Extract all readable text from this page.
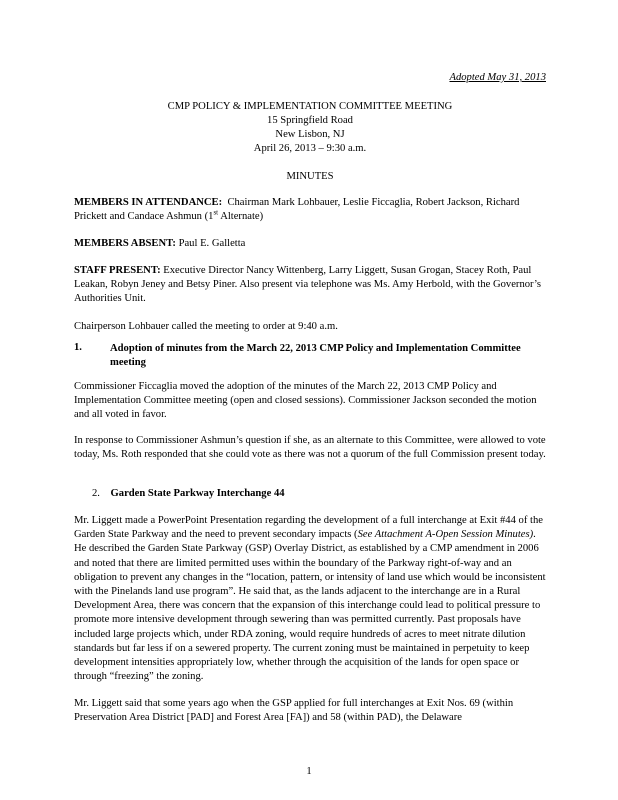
Adopted May 31, 2013
CMP POLICY & IMPLEMENTATION COMMITTEE MEETING
15 Springfield Road
New Lisbon, NJ
April 26, 2013 – 9:30 a.m.
MINUTES
MEMBERS IN ATTENDANCE: Chairman Mark Lohbauer, Leslie Ficcaglia, Robert Jackson, Richard Prickett and Candace Ashmun (1st Alternate)
MEMBERS ABSENT: Paul E. Galletta
STAFF PRESENT: Executive Director Nancy Wittenberg, Larry Liggett, Susan Grogan, Stacey Roth, Paul Leakan, Robyn Jeney and Betsy Piner. Also present via telephone was Ms. Amy Herbold, with the Governor’s Authorities Unit.
Chairperson Lohbauer called the meeting to order at 9:40 a.m.
1.	Adoption of minutes from the March 22, 2013 CMP Policy and Implementation Committee meeting
Commissioner Ficcaglia moved the adoption of the minutes of the March 22, 2013 CMP Policy and Implementation Committee meeting (open and closed sessions). Commissioner Jackson seconded the motion and all voted in favor.
In response to Commissioner Ashmun’s question if she, as an alternate to this Committee, were allowed to vote today, Ms. Roth responded that she could vote as there was not a quorum of the full Commission present today.
2. Garden State Parkway Interchange 44
Mr. Liggett made a PowerPoint Presentation regarding the development of a full interchange at Exit #44 of the Garden State Parkway and the need to prevent secondary impacts (See Attachment A-Open Session Minutes). He described the Garden State Parkway (GSP) Overlay District, as established by a CMP amendment in 2006 and noted that there are limited permitted uses within the boundary of the Parkway right-of-way and an obligation to prevent any changes in the “location, pattern, or intensity of land use which would be inconsistent with the Pinelands land use program”. He said that, as the lands adjacent to the interchange are in a Rural Development Area, there was concern that the expansion of this interchange could lead to political pressure to promote more intensive development through sewering than was permitted currently. Past proposals have included large projects which, under RDA zoning, would require hundreds of acres to meet nitrate dilution standards but far less if on a sewered property. The current zoning must be maintained in perpetuity to keep development intensities appropriately low, whether through the acquisition of the lands for open space or through “freezing” the zoning.
Mr. Liggett said that some years ago when the GSP applied for full interchanges at Exit Nos. 69 (within Preservation Area District [PAD] and Forest Area [FA]) and 58 (within PAD), the Delaware
1
